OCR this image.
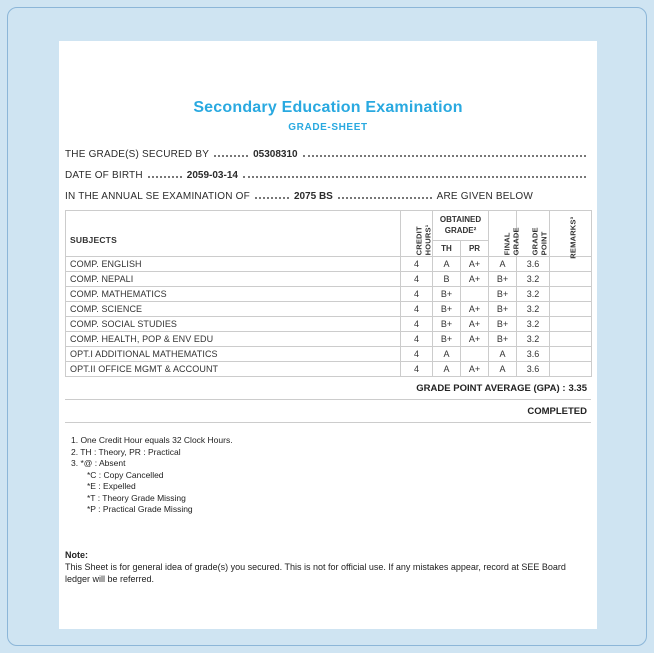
Secondary Education Examination
GRADE-SHEET
THE GRADE(S) SECURED BY	05308310
DATE OF BIRTH	2059-03-14
IN THE ANNUAL SE EXAMINATION OF	2075 BS	ARE GIVEN BELOW
SUBJECTS	CREDIT HOURS¹	OBTAINED GRADE²		FINAL GRADE	GRADE POINT	REMARKS³
		TH	PR			
COMP. ENGLISH	4	A	A+	A	3.6	
COMP. NEPALI	4	B	A+	B+	3.2	
COMP. MATHEMATICS	4	B+		B+	3.2	
COMP. SCIENCE	4	B+	A+	B+	3.2	
COMP. SOCIAL STUDIES	4	B+	A+	B+	3.2	
COMP. HEALTH, POP & ENV EDU	4	B+	A+	B+	3.2	
OPT.I ADDITIONAL MATHEMATICS	4	A		A	3.6	
OPT.II OFFICE MGMT & ACCOUNT	4	A	A+	A	3.6	
GRADE POINT AVERAGE (GPA) : 3.35
COMPLETED
1. One Credit Hour equals 32 Clock Hours.
2. TH : Theory, PR : Practical
3. *@ : Absent
*C : Copy Cancelled
*E : Expelled
*T : Theory Grade Missing
*P : Practical Grade Missing
Note:
This Sheet is for general idea of grade(s) you secured. This is not for official use. If any mistakes appear, record at SEE Board ledger will be referred.
